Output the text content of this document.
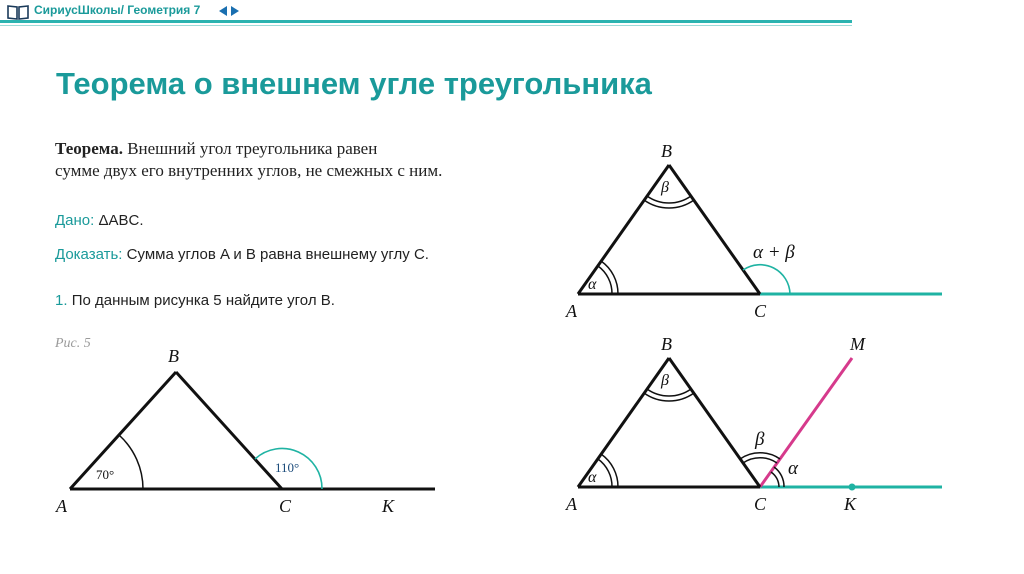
СириусШколы/ Геометрия 7
Теорема о внешнем угле треугольника
Теорема. Внешний угол треугольника равен
сумме двух его внутренних углов, не смежных с ним.
Дано: ΔABC.
Доказать: Сумма углов A и B равна внешнему углу C.
1. По данным рисунка 5 найдите угол B.
Рис. 5
70°	110°
A
B
C	K
α
β
α + β
A
B
C
α
β
β
α
A
B
C
M
K
